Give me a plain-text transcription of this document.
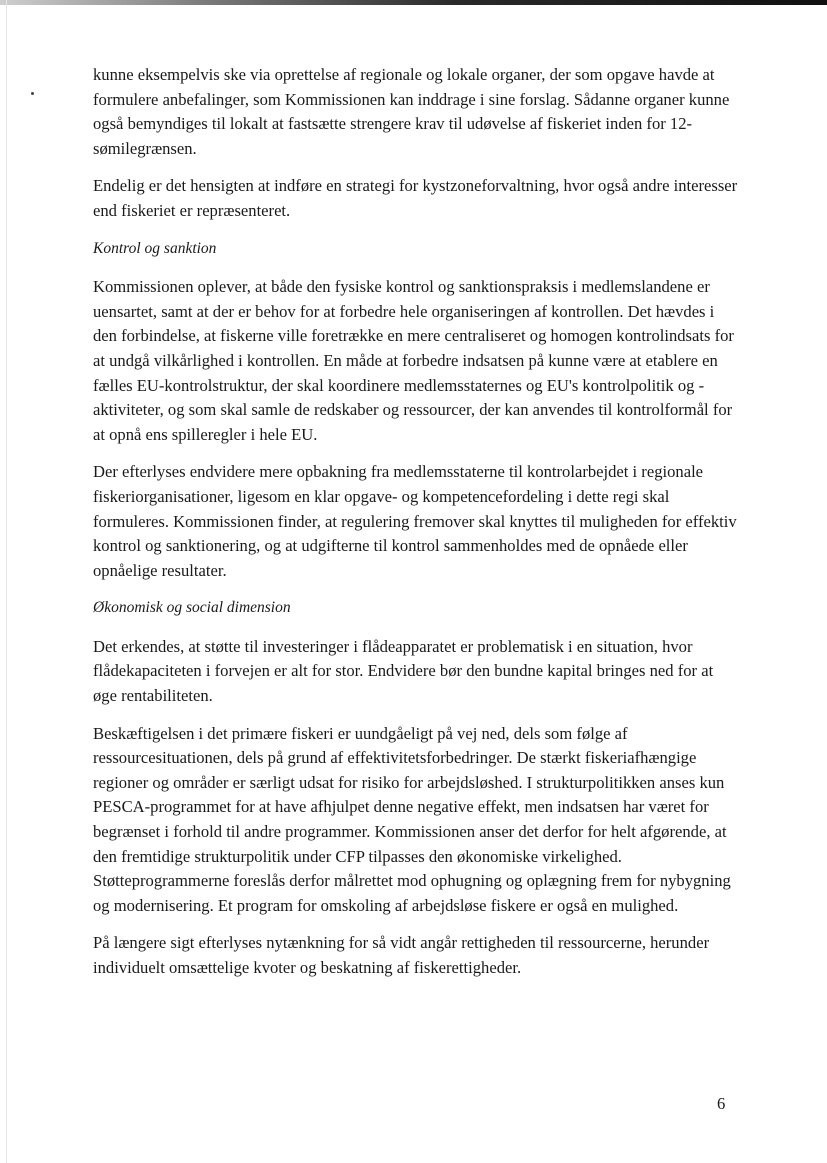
kunne eksempelvis ske via oprettelse af regionale og lokale organer, der som opgave havde at formulere anbefalinger, som Kommissionen kan inddrage i sine forslag. Sådanne organer kunne også bemyndiges til lokalt at fastsætte strengere krav til udøvelse af fiskeriet inden for 12-sømilegrænsen.

Endelig er det hensigten at indføre en strategi for kystzoneforvaltning, hvor også andre interesser end fiskeriet er repræsenteret.

Kontrol og sanktion

Kommissionen oplever, at både den fysiske kontrol og sanktionspraksis i medlemslandene er uensartet, samt at der er behov for at forbedre hele organiseringen af kontrollen. Det hævdes i den forbindelse, at fiskerne ville foretrække en mere centraliseret og homogen kontrolindsats for at undgå vilkårlighed i kontrollen. En måde at forbedre indsatsen på kunne være at etablere en fælles EU-kontrolstruktur, der skal koordinere medlemsstaternes og EU's kontrolpolitik og -aktiviteter, og som skal samle de redskaber og ressourcer, der kan anvendes til kontrolformål for at opnå ens spilleregler i hele EU.

Der efterlyses endvidere mere opbakning fra medlemsstaterne til kontrolarbejdet i regionale fiskeriorganisationer, ligesom en klar opgave- og kompetencefordeling i dette regi skal formuleres. Kommissionen finder, at regulering fremover skal knyttes til muligheden for effektiv kontrol og sanktionering, og at udgifterne til kontrol sammenholdes med de opnåede eller opnåelige resultater.

Økonomisk og social dimension

Det erkendes, at støtte til investeringer i flådeapparatet er problematisk i en situation, hvor flådekapaciteten i forvejen er alt for stor. Endvidere bør den bundne kapital bringes ned for at øge rentabiliteten.

Beskæftigelsen i det primære fiskeri er uundgåeligt på vej ned, dels som følge af ressourcesituationen, dels på grund af effektivitetsforbedringer. De stærkt fiskeriafhængige regioner og områder er særligt udsat for risiko for arbejdsløshed. I strukturpolitikken anses kun PESCA-programmet for at have afhjulpet denne negative effekt, men indsatsen har været for begrænset i forhold til andre programmer. Kommissionen anser det derfor for helt afgørende, at den fremtidige strukturpolitik under CFP tilpasses den økonomiske virkelighed. Støtteprogrammerne foreslås derfor målrettet mod ophugning og oplægning frem for nybygning og modernisering. Et program for omskoling af arbejdsløse fiskere er også en mulighed.

På længere sigt efterlyses nytænkning for så vidt angår rettigheden til ressourcerne, herunder individuelt omsættelige kvoter og beskatning af fiskerettigheder.

6
